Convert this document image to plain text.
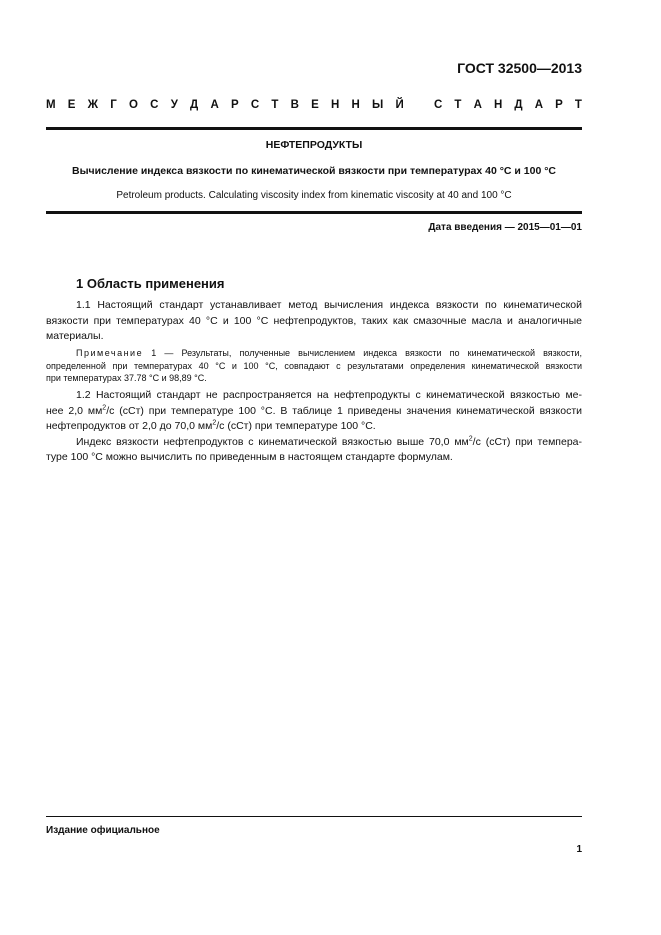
ГОСТ 32500—2013
М Е Ж Г О С У Д А Р С Т В Е Н Н Ы Й	С Т А Н Д А Р Т
НЕФТЕПРОДУКТЫ
Вычисление индекса вязкости по кинематической вязкости при температурах 40 °С и 100 °С
Petroleum products. Calculating viscosity index from kinematic viscosity at 40 and 100 °С
Дата введения — 2015—01—01
1 Область применения
1.1 Настоящий стандарт устанавливает метод вычисления индекса вязкости по кинематической
вязкости при температурах 40 °С и 100 °С нефтепродуктов, таких как смазочные масла и аналогичные
материалы.
Примечание 1 — Результаты, полученные вычислением индекса вязкости по кинематической вязкости,
определенной при температурах 40 °С и 100 °С, совпадают с результатами определения кинематической вязкости
при температурах 37.78 °С и 98,89 °С.
1.2 Настоящий стандарт не распространяется на нефтепродукты с кинематической вязкостью ме-
нее 2,0 $мм^2/с$ (сСт) при температуре 100 °С. В таблице 1 приведены значения кинематической вязкости
нефтепродуктов от 2,0 до 70,0 $мм^2/с$ (сСт) при температуре 100 °С.
Индекс вязкости нефтепродуктов с кинематической вязкостью выше 70,0 $мм^2/с$ (сСт) при темпера-
туре 100 °С можно вычислить по приведенным в настоящем стандарте формулам.
Издание официальное
1
